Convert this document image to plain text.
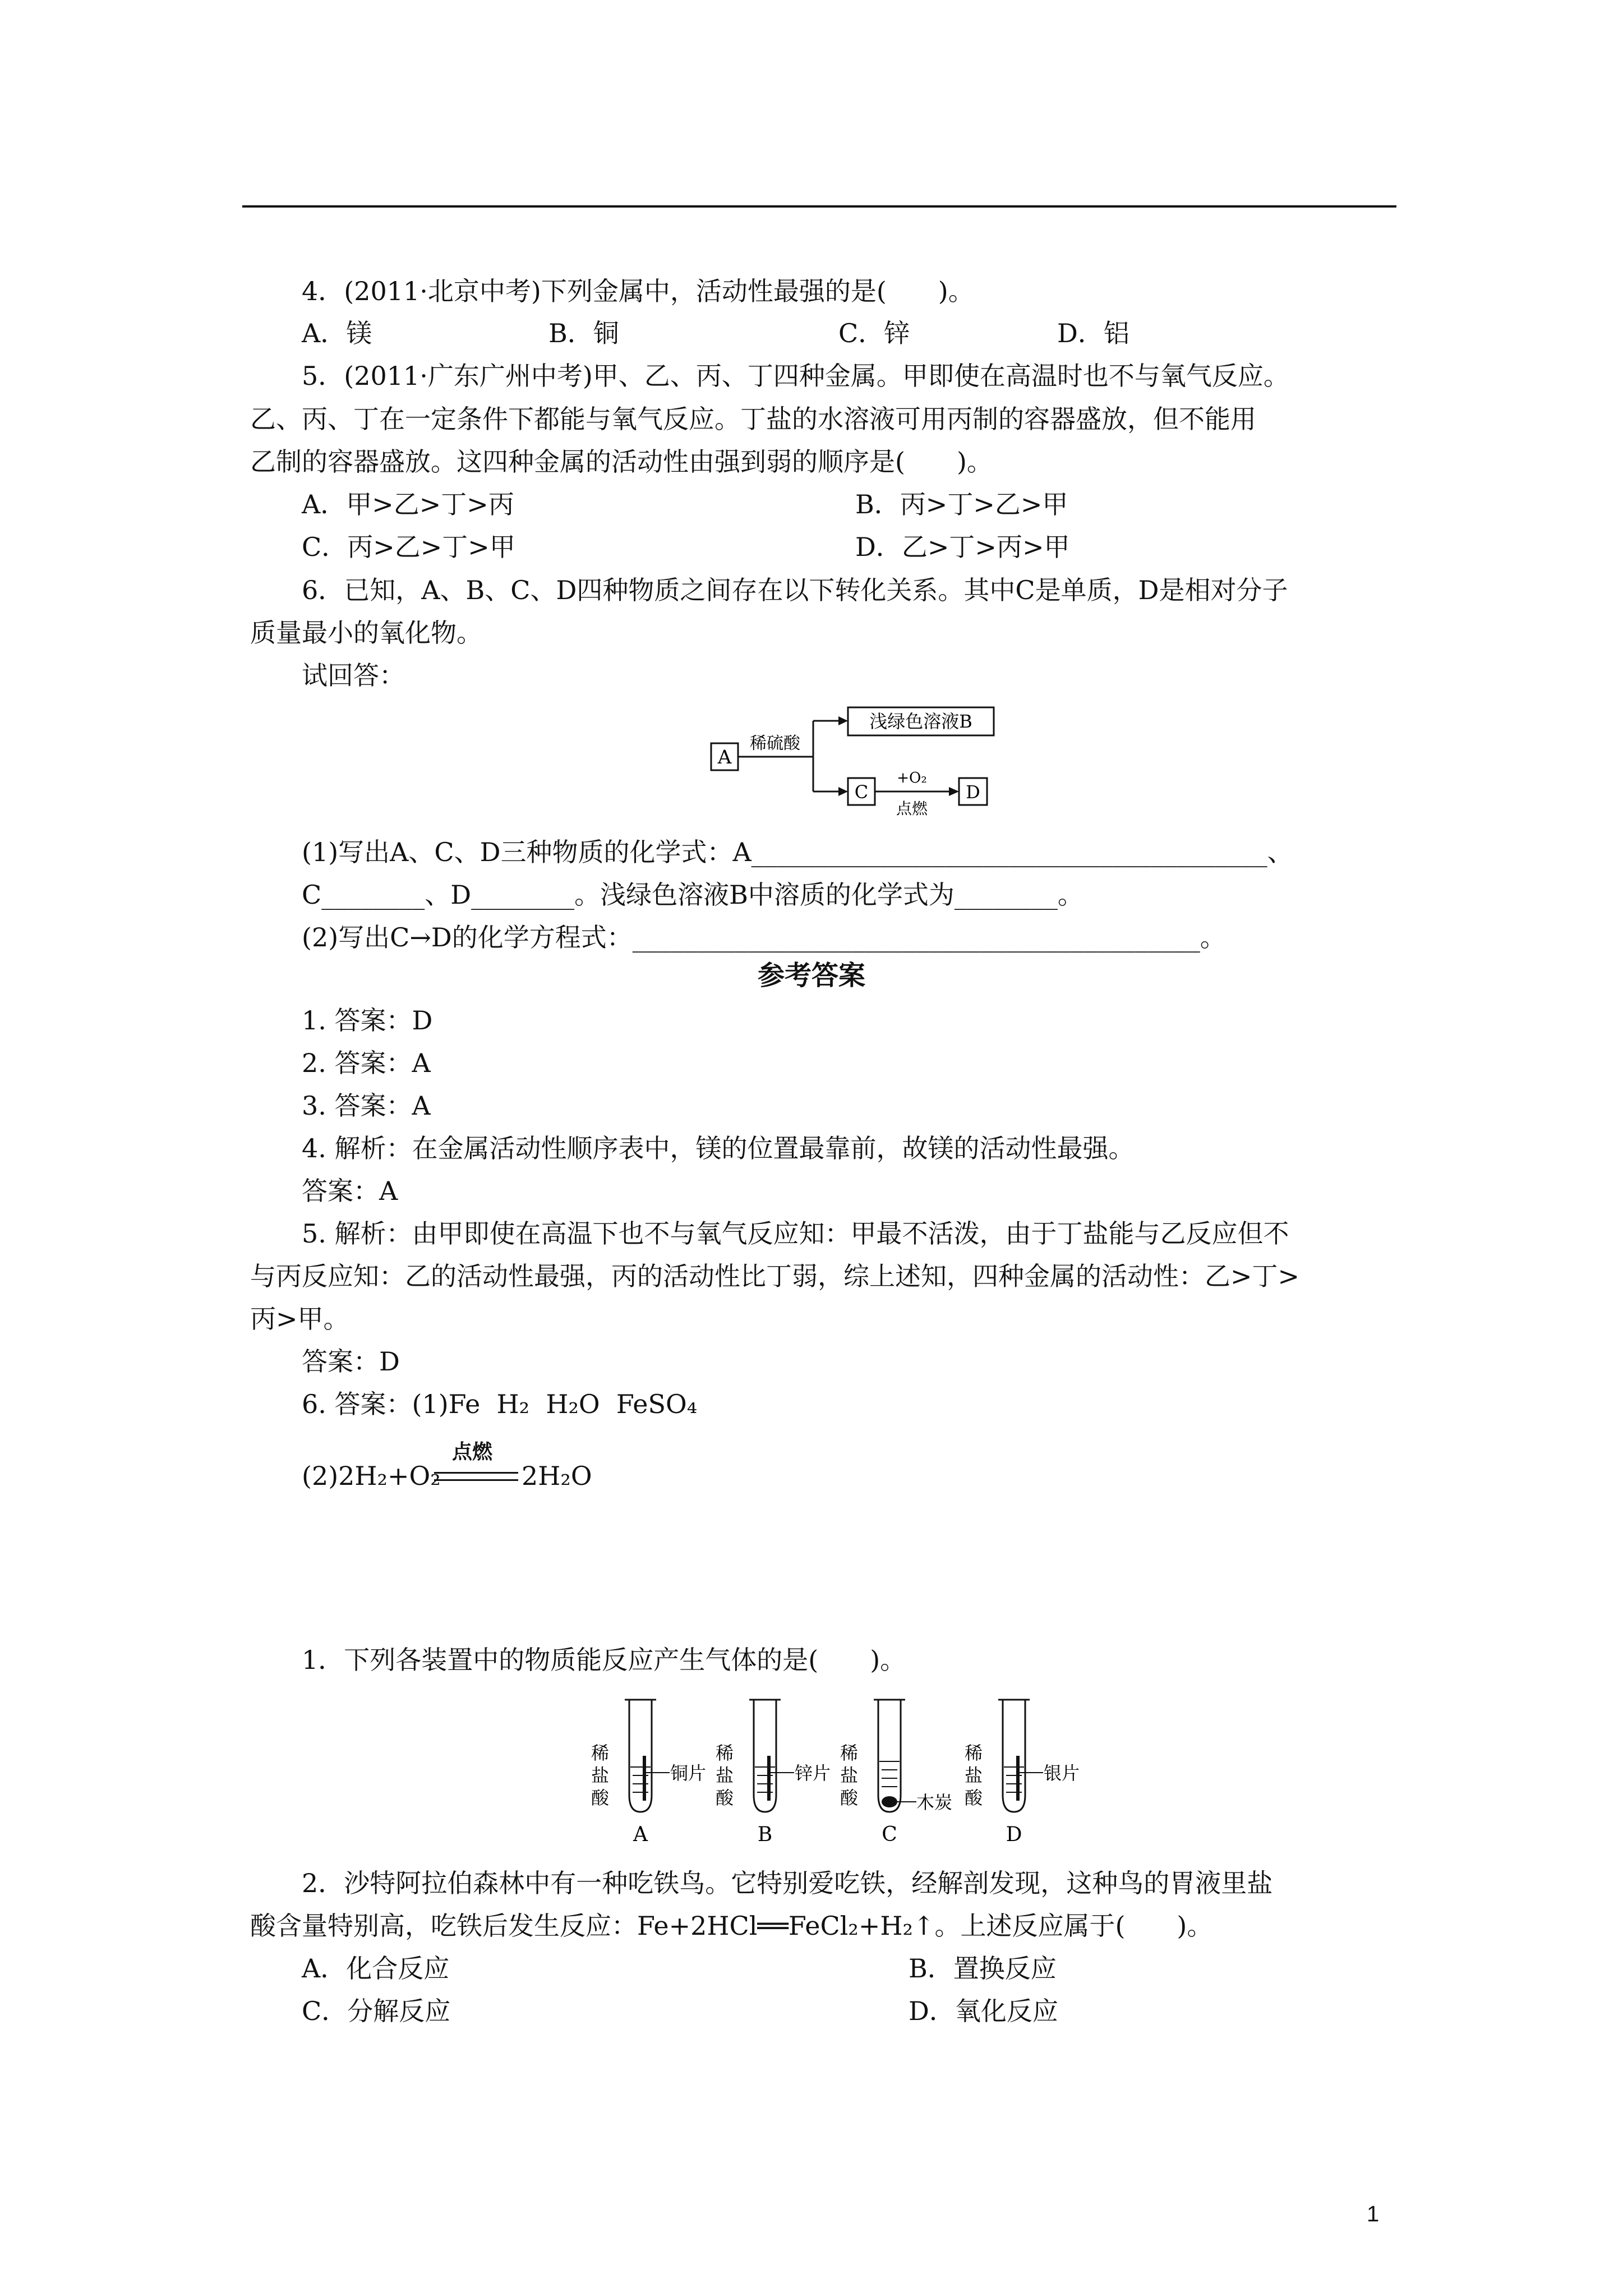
4．(2011·北京中考)下列金属中，活动性最强的是(　　)。
A．镁	B．铜	C．锌	D．铝
5．(2011·广东广州中考)甲、乙、丙、丁四种金属。甲即使在高温时也不与氧气反应。
乙、丙、丁在一定条件下都能与氧气反应。丁盐的水溶液可用丙制的容器盛放，但不能用
乙制的容器盛放。这四种金属的活动性由强到弱的顺序是(　　)。
A．甲>乙>丁>丙	B．丙>丁>乙>甲
C．丙>乙>丁>甲	D．乙>丁>丙>甲
6．已知，A、B、C、D四种物质之间存在以下转化关系。其中C是单质，D是相对分子
质量最小的氧化物。
试回答：
A
稀硫酸
浅绿色溶液B
C
+O₂
点燃
D
(1)写出A、C、D三种物质的化学式：A________________________________________、
C________、D________。浅绿色溶液B中溶质的化学式为________。
(2)写出C→D的化学方程式：____________________________________________。
参考答案
1. 答案：D
2. 答案：A
3. 答案：A
4. 解析：在金属活动性顺序表中，镁的位置最靠前，故镁的活动性最强。
答案：A
5. 解析：由甲即使在高温下也不与氧气反应知：甲最不活泼，由于丁盐能与乙反应但不
与丙反应知：乙的活动性最强，丙的活动性比丁弱，综上述知，四种金属的活动性：乙>丁>
丙>甲。
答案：D
6. 答案：(1)Fe  H₂  H₂O  FeSO₄
(2)2H₂+O₂
点燃
2H₂O
1．下列各装置中的物质能反应产生气体的是(　　)。
稀
盐
酸
铜片
A
稀
盐
酸
锌片
B
稀
盐
酸	木炭
C
稀
盐
酸
银片
D
2．沙特阿拉伯森林中有一种吃铁鸟。它特别爱吃铁，经解剖发现，这种鸟的胃液里盐
酸含量特别高，吃铁后发生反应：Fe+2HCl══FeCl₂+H₂↑。上述反应属于(　　)。
A．化合反应	B．置换反应
C．分解反应	D．氧化反应
1
